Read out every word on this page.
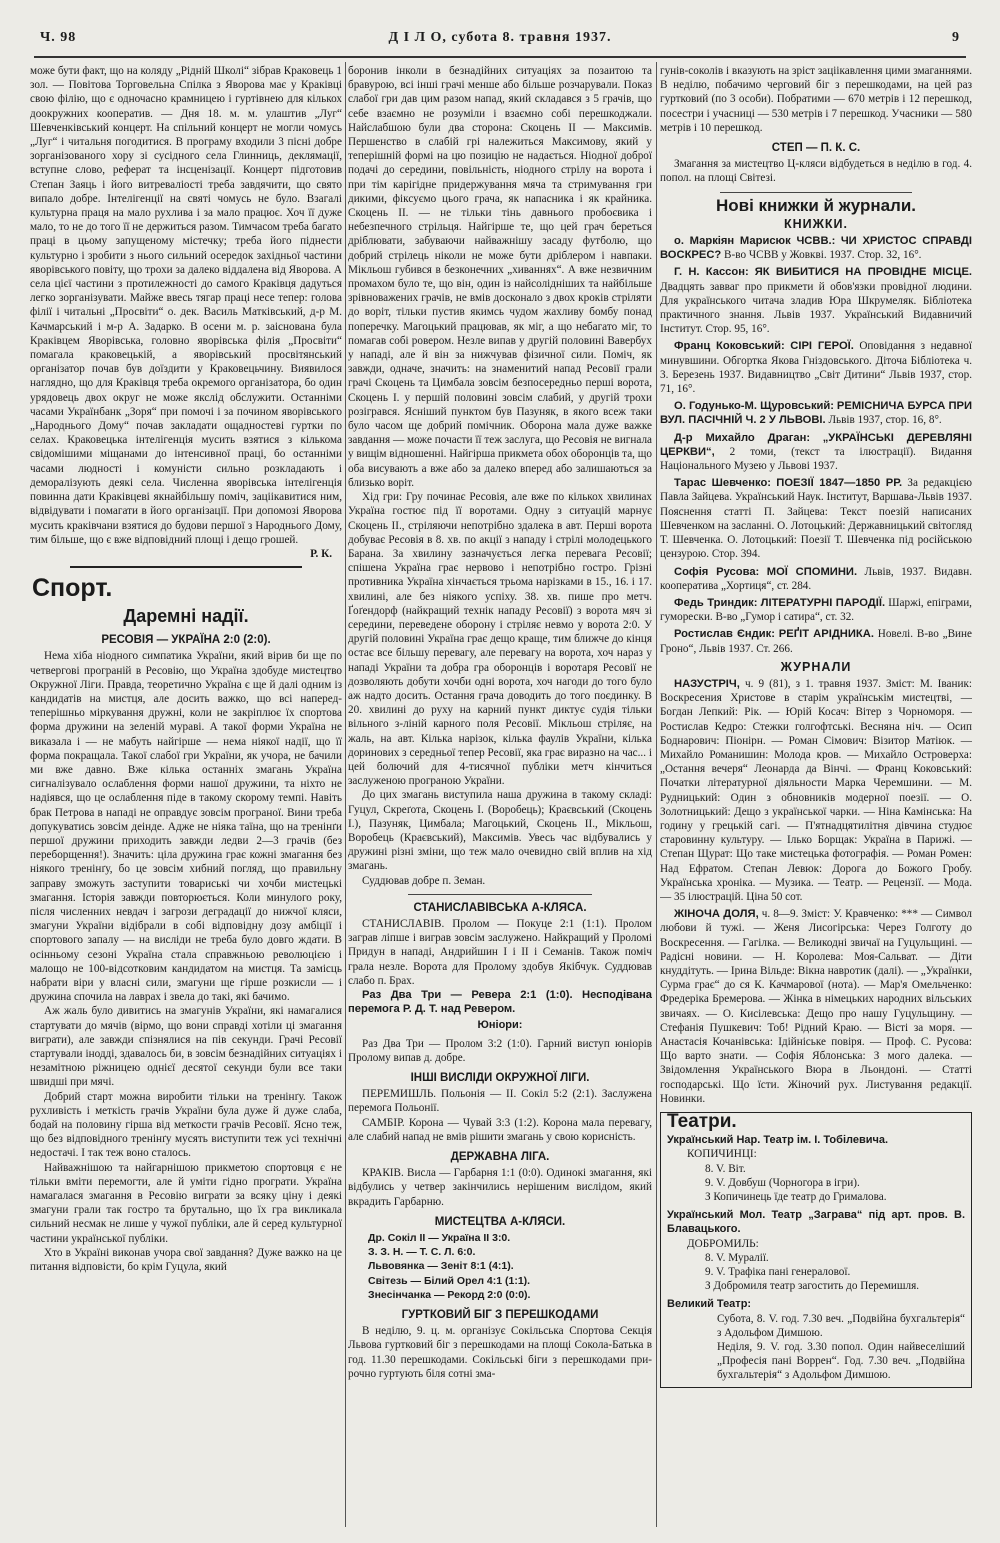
Ч. 98	Д І Л О, субота 8. травня 1937.	9

може бути факт, що на коляду „Рідній Школі“ зібрав Краковець 1 зол. — Повітова Торговельна Спілка з Яворова має у Краківці свою філію, що є одночасно крамницею і гуртівнею для кількох доокружних кооператив. — Дня 18. м. м. улаштив „Луг“ Шевченківський концерт. На спільний концерт не могли чомусь „Луг“ і читальня погодитися. В програму входили 3 пісні добре зорганізованого хору зі сусідного села Глинниць, деклямації, вступне слово, реферат та інсценізації. Концерт підготовив Степан Заяць і його витреваліості треба завдячити, що свято випало добре. Інтелігенції на святі чомусь не було. Взагалі культурна праця на мало рухлива і за мало працює. Хоч її дуже мало, то не до того її не держиться разом. Тимчасом треба багато праці в цьому запущеному містечку; треба його піднести культурно і зробити з нього сильний осередок західньої частини яворівського повіту, що трохи за далеко віддалена від Яворова. А села цієї частини з протилежності до самого Краківця дадуться легко зорганізувати. Майже ввесь тягар праці несе тепер: голова філії і читальні „Просвіти“ о. дек. Василь Матківський, д-р М. Качмарський і м-р А. Задарко. В осени м. р. заіснована була Краківцем Яворівська, головно яворівська філія „Просвіти“ помагала краковецькій, а яворівський просвітянський організатор почав був доїздити у Краковецьчину. Виявилося наглядно, що для Краківця треба окремого організатора, бо один урядовець двох округ не може якслід обслужити. Останніми часами Українбанк „Зоря“ при помочі і за почином яворівського „Народнього Дому“ почав закладати ощадностеві гуртки по селах. Краковецька інтелігенція мусить взятися з кількома свідомішими міщанами до інтенсивної праці, бо останніми часами людності і комуністи сильно розкладають і деморалізують деякі села. Численна яворівська інтелігенція повинна дати Краківцеві якнайбільшу поміч, заціікавитися ним, відвідувати і помагати в його організації. При допомозі Яворова мусить краківчани взятися до будови першої з Народнього Дому, тим більше, що є вже відповідний площі і дещо грошей.

Р. К.
Спорт.
Даремні надії.
РЕСОВІЯ — УКРАЇНА 2:0 (2:0).

Нема хіба ніодного симпатика України, який вірив би ще по четвергові програній в Ресовію, що Україна здобуде мистецтво Окружної Ліги. Правда, теоретично Україна є ще й далі одним із кандидатів на мистця, але досить важко, що всі наперед-теперішньо міркування дружні, коли не закріплює їх спортова форма дружини на зеленій мураві. А такої форми Україна не виказала і — не мабуть найгірше — нема ніякої надії, що її форма покращала. Такої слабої гри України, як учора, не бачили ми вже давно. Вже кілька останніх змагань Україна сигналізувало ослаблення форми нашої дружини, та ніхто не надіявся, що це ослаблення піде в такому скорому темпі. Навіть брак Петрова в нападі не оправдує зовсім програної. Вини треба допукуватись зовсім деінде. Адже не ніяка таїна, що на тренінґи першої дружини приходить завжди ледви 2—3 грачів (без переборщення!). Значить: ціла дружина грає кожні змагання без ніякого тренінґу, бо це зовсім хибний погляд, що правильну заправу зможуть заступити товариські чи хочби мистецькі змагання. Історія завжди повторюється. Коли минулого року, після численних невдач і загрози деградації до нижчої кляси, змагуни України відібрали в собі відповідну дозу амбіції і спортового запалу — на висліди не треба було довго ждати. В осінньому сезоні Україна стала справжньою революцією і малощо не 100-відсотковим кандидатом на мистця. Та замісць набрати віри у власні сили, змагуни ще гірше розкисли — і дружина спочила на лаврах і звела до такі, які бачимо.

Аж жаль було дивитись на змагунів України, які намагалися стартувати до мячів (вірмо, що вони справді хотіли ці змагання виграти), але завжди спізнялися на пів секунди. Грачі Ресовії стартували інодді, здавалось би, в зовсім безнадійних ситуаціях і незамітною ріжницею однієї десятої секунди були все таки швидші при мячі.

Добрий старт можна виробити тільки на тренінґу. Також рухливість і меткість грачів України була дуже й дуже слаба, бодай на половину гірша від меткости грачів Ресовії. Ясно теж, що без відповідного тренінґу мусять виступити теж усі технічні недостачі. І так теж воно сталось.

Найважнішою та найгарнішою прикметою спортовця є не тільки вміти перемогти, але й уміти гідно програти. Україна намагалася змагання в Ресовію виграти за всяку ціну і деякі змагуни грали так гостро та брутально, що їх гра викликала сильний несмак не лише у чужої публіки, але й серед культурної частини української публіки.

Хто в Україні виконав учора свої завдання? Дуже важко на це питання відповісти, бо крім Гуцула, який

боронив інколи в безнадійних ситуаціях за позаитою та бравурою, всі інші грачі менше або більше розчарували. Показ слабої гри дав цим разом напад, який складався з 5 грачів, що себе взаємно не розуміли і взаємно собі перешкоджали. Найслабшою були два сторона: Скоцень II — Максимів. Першенство в слабій грі належиться Максимову, який у теперішній формі на цю позицію не надається. Ніодної доброї подачі до середини, повільність, ніодного стрілу на ворота і при тім карігідне придержування мяча та стримування гри дикими, фіксуємо цього грача, як напасника і як крайника. Скоцень II. — не тільки тінь давнього пробоєвика і небезпечного стрільця. Найгірше те, що цей грач береться дріблювати, забуваючи найважнішу засаду футболю, що добрий стрілець ніколи не може бути дріблером і навпаки. Мікльош губився в безконечних „хиваннях“. А вже незвичним промахом було те, що він, один із найсолідніших та найбільше зрівноважених грачів, не вмів досконало з двох кроків стріляти до воріт, тільки пустив якимсь чудом жахливу бомбу понад поперечку. Магоцький працював, як міг, а що небагато міг, то помагав собі ровером. Незле випав у другій половині Вавербух у нападі, але й він за нижчував фізичної сили. Поміч, як завжди, одначе, значить: на знаменитий напад Ресовії грали грачі Скоцень та Цимбала зовсім безпосередньо перші ворота, Скоцень I. у першій половині зовсім слабий, у другій трохи розігрався. Ясніший пунктом був Пазуняк, в якого всеж таки було часом ще добрий помічник. Оборона мала дуже важке завдання — може почасти її теж заслуга, що Ресовія не вигнала у вищім відношенні. Найгірша прикмета обох оборонців та, що оба висувають а вже або за далеко вперед або залишаються за близько воріт.

Хід гри: Гру починає Ресовія, але вже по кількох хвилинах Україна гостює під її воротами. Одну з ситуацій марнує Скоцень II., стріляючи непотрібно здалека в авт. Перші ворота добуває Ресовія в 8. хв. по акції з нападу і стрілі молодецького Барана. За хвилину зазначується легка перевага Ресовії; спішена Україна грає нервово і непотрібно гостро. Грізні противника Україна хінчається трьома нарізками в 15., 16. і 17. хвилині, але без ніякого успіху. 38. хв. пише про метч. Ґоґендорф (найкращий технік нападу Ресовії) з ворота мяч зі середини, переведене оборону і стріляє невмо у ворота 2:0. У другій половині Україна грає дещо краще, тим ближче до кінця остає все більшу перевагу, але перевагу на ворота, хоч нараз у нападі України та добра гра оборонців і воротаря Ресовії не дозволяють добути хочби одні ворота, хоч нагоди до того було аж надто досить. Остання грача доводить до того поєдинку. В 20. хвилині до руху на карний пункт диктує судія тільки вільного з-ліній карного поля Ресовії. Мікльош стріляє, на жаль, на авт. Кілька нарізок, кілька фаулів України, кілька доринових з середньої тепер Ресовії, яка грає виразно на час... і цей болючий для 4-тисячної публіки метч кінчиться заслуженою програною України.

До цих змагань виступила наша дружина в такому складі: Гуцул, Скреґота, Скоцень I. (Воробець); Краєвський (Скоцень I.), Пазуняк, Цимбала; Магоцький, Скоцень II., Мікльош, Воробець (Краєвський), Максимів. Увесь час відбувались у дружині різні зміни, що теж мало очевидно свій вплив на хід змагань.

Суддював добре п. Земан.

СТАНИСЛАВІВСЬКА А-КЛЯСА.

СТАНИСЛАВІВ. Пролом — Покуце 2:1 (1:1). Пролом заграв ліпше і виграв зовсім заслужено. Найкращий у Проломі Придун в нападі, Андрийшин I і II і Семанів. Також поміч грала незле. Ворота для Пролому здобув Якібчук. Суддював слабо п. Брах.

Раз Два Три — Ревера 2:1 (1:0). Несподівана перемога Р. Д. Т. над Ревером.

Юніори:

Раз Два Три — Пролом 3:2 (1:0). Гарний виступ юніорів Пролому випав д. добре.

ІНШІ ВИСЛІДИ ОКРУЖНОЇ ЛІГИ.

ПЕРЕМИШЛЬ. Польонія — II. Сокіл 5:2 (2:1). Заслужена перемога Польонії.

САМБІР. Корона — Чувай 3:3 (1:2). Корона мала перевагу, але слабий напад не вмів рішити змагань у свою корисність.

ДЕРЖАВНА ЛІГА.

КРАКІВ. Висла — Гарбарня 1:1 (0:0). Одинокі змагання, які відбулись у четвер закінчились нерішеним вислідом, який вкрадить Гарбарню.

МИСТЕЦТВА А-КЛЯСИ.

Др. Сокіл II — Україна II 3:0.

З. З. Н. — Т. С. Л. 6:0.

Львовянка — Зеніт 8:1 (4:1).

Світезь — Білий Орел 4:1 (1:1).

Знесінчанка — Рекорд 2:0 (0:0).

ГУРТКОВИЙ БІГ З ПЕРЕШКОДАМИ

В неділю, 9. ц. м. організує Сокільська Спортова Секція Львова гуртковий біг з перешкодами на площі Сокола-Батька в год. 11.30 перешкодами. Сокільські біги з перешкодами при-рочно гуртують біля сотні зма-

гунів-соколів і вказують на зріст заціікавлення цими змаганнями. В неділю, побачимо черговий біг з перешкодами, на цей раз гуртковий (по 3 особи). Побратими — 670 метрів і 12 перешкод, посестри і учасниці — 530 метрів і 7 перешкод. Учасники — 580 метрів і 10 перешкод.

СТЕП — П. К. С.

Змагання за мистецтво Ц-кляси відбудеться в неділю в год. 4. попол. на площі Світезі.

Нові книжки й журнали.
КНИЖКИ.

о. Маркіян Марисюк ЧСВВ.: ЧИ ХРИСТОС СПРАВДІ ВОСКРЕС? В-во ЧСВВ у Жовкві. 1937. Стор. 32, 16°.

Г. Н. Кассон: ЯК ВИБИТИСЯ НА ПРОВІДНЕ МІСЦЕ. Двадцять завваг про прикмети й обов'язки провідної людини. Для українського читача зладив Юра Шкрумеляк. Бібліотека практичного знання. Львів 1937. Український Видавничий Інститут. Стор. 95, 16°.

Франц Коковський: СІРІ ГЕРОЇ. Оповідання з недавної минувшини. Обгортка Якова Гніздовського. Діточа Бібліотека ч. 3. Березень 1937. Видавництво „Світ Дитини“ Львів 1937, стор. 71, 16°.

О. Годунько-М. Щуровський: РЕМІСНИЧА БУРСА ПРИ ВУЛ. ПАСІЧНІЙ Ч. 2 У ЛЬВОВІ. Львів 1937, стор. 16, 8°.

Д-р Михайло Драган: „УКРАЇНСЬКІ ДЕРЕВЛЯНІ ЦЕРКВИ“, 2 томи, (текст та ілюстрації). Видання Національного Музею у Львові 1937.

Тарас Шевченко: ПОЕЗІЇ 1847—1850 РР. За редакцією Павла Зайцева. Український Наук. Інститут, Варшава-Львів 1937. Пояснення статті П. Зайцева: Текст поезій написаних Шевченком на засланні. О. Лотоцький: Державницький світогляд Т. Шевченка. О. Лотоцький: Поезії Т. Шевченка під російською цензурою. Стор. 394.

Софія Русова: МОЇ СПОМИНИ. Львів, 1937. Видавн. кооператива „Хортиця“, ст. 284.

Федь Триндик: ЛІТЕРАТУРНІ ПАРОДІЇ. Шаржі, епіграми, гуморески. В-во „Гумор і сатира“, ст. 32.

Ростислав Єндик: РЕҐІТ АРІДНИКА. Новелі. В-во „Вине Гроно“, Львів 1937. Ст. 266.

ЖУРНАЛИ

НАЗУСТРІЧ, ч. 9 (81), з 1. травня 1937. Зміст: М. Іваник: Воскресения Христове в старім українськім мистецтві, — Богдан Лепкий: Рік. — Юрій Косач: Вітер з Чорноморя. — Ростислав Кедро: Стежки голгофтські. Весняна ніч. — Осип Боднарович: Піонірн. — Роман Сімович: Візитор Матіюк. — Михайло Романишин: Молода кров. — Михайло Островерха: „Остання вечеря“ Леонарда да Вінчі. — Франц Коковський: Початки літературної діяльности Марка Черемшини. — М. Рудницький: Один з обновників модерної поезії. — О. Золотницький: Дещо з української чарки. — Ніна Камінська: На годину у грецькій сагі. — П'ятнадцятилітня дівчина студює старовинну культуру. — Ілько Борщак: Україна в Парижі. — Степан Щурат: Що таке мистецька фотографія. — Роман Ромен: Над Ефратом. Степан Левюк: Дорога до Божого Гробу. Українська хроніка. — Музика. — Театр. — Рецензії. — Мода. — 35 ілюстрацій. Ціна 50 сот.

ЖІНОЧА ДОЛЯ, ч. 8—9. Зміст: У. Кравченко: *** — Символ любови й тужі. — Женя Лисогірська: Через Голготу до Воскресення. — Гагілка. — Великодні звичаї на Гуцульщині. — Радісні новини. — Н. Королева: Моя-Сальват. — Діти кнуддітуть. — Ірина Вільде: Вікна навротик (далі). — „Українки, Сурма грає“ до ся К. Качмарової (нота). — Мар'я Омельченко: Фредеріка Бремерова. — Жінка в німецьких народних вільських звичаях. — О. Кисілевська: Дещо про нашу Гуцульщину. — Стефанія Пушкевич: Тоб! Рідний Краю. — Вісті за моря. — Анастасія Кочанівська: Ідійніське повіря. — Проф. С. Русова: Що варто знати. — Софія Яблонська: З мого далека. — Звідомлення Українського Вюра в Льондоні. — Статті господарські. Що їсти. Жіночий рух. Листування редакції. Новинки.

Театри.
Український Нар. Театр ім. І. Тобілевича.

КОПИЧИНЦІ:

8. V. Віт.

9. V. Довбуш (Чорногора в ігри).

З Копичинець їде театр до Грималова.

Український Мол. Театр „Заграва“ під арт. пров. В. Блавацького.

ДОБРОМИЛЬ:

8. V. Муралії.

9. V. Трафіка пані генералової.

З Добромиля театр загостить до Перемишля.

Великий Театр:

Субота, 8. V. год. 7.30 веч. „Подвійна бухгальтерія“ з Адольфом Димшою.

Неділя, 9. V. год. 3.30 попол. Один найвеселіший „Професія пані Воррен“. Год. 7.30 веч. „Подвійна бухгальтерія“ з Адольфом Димшою.
